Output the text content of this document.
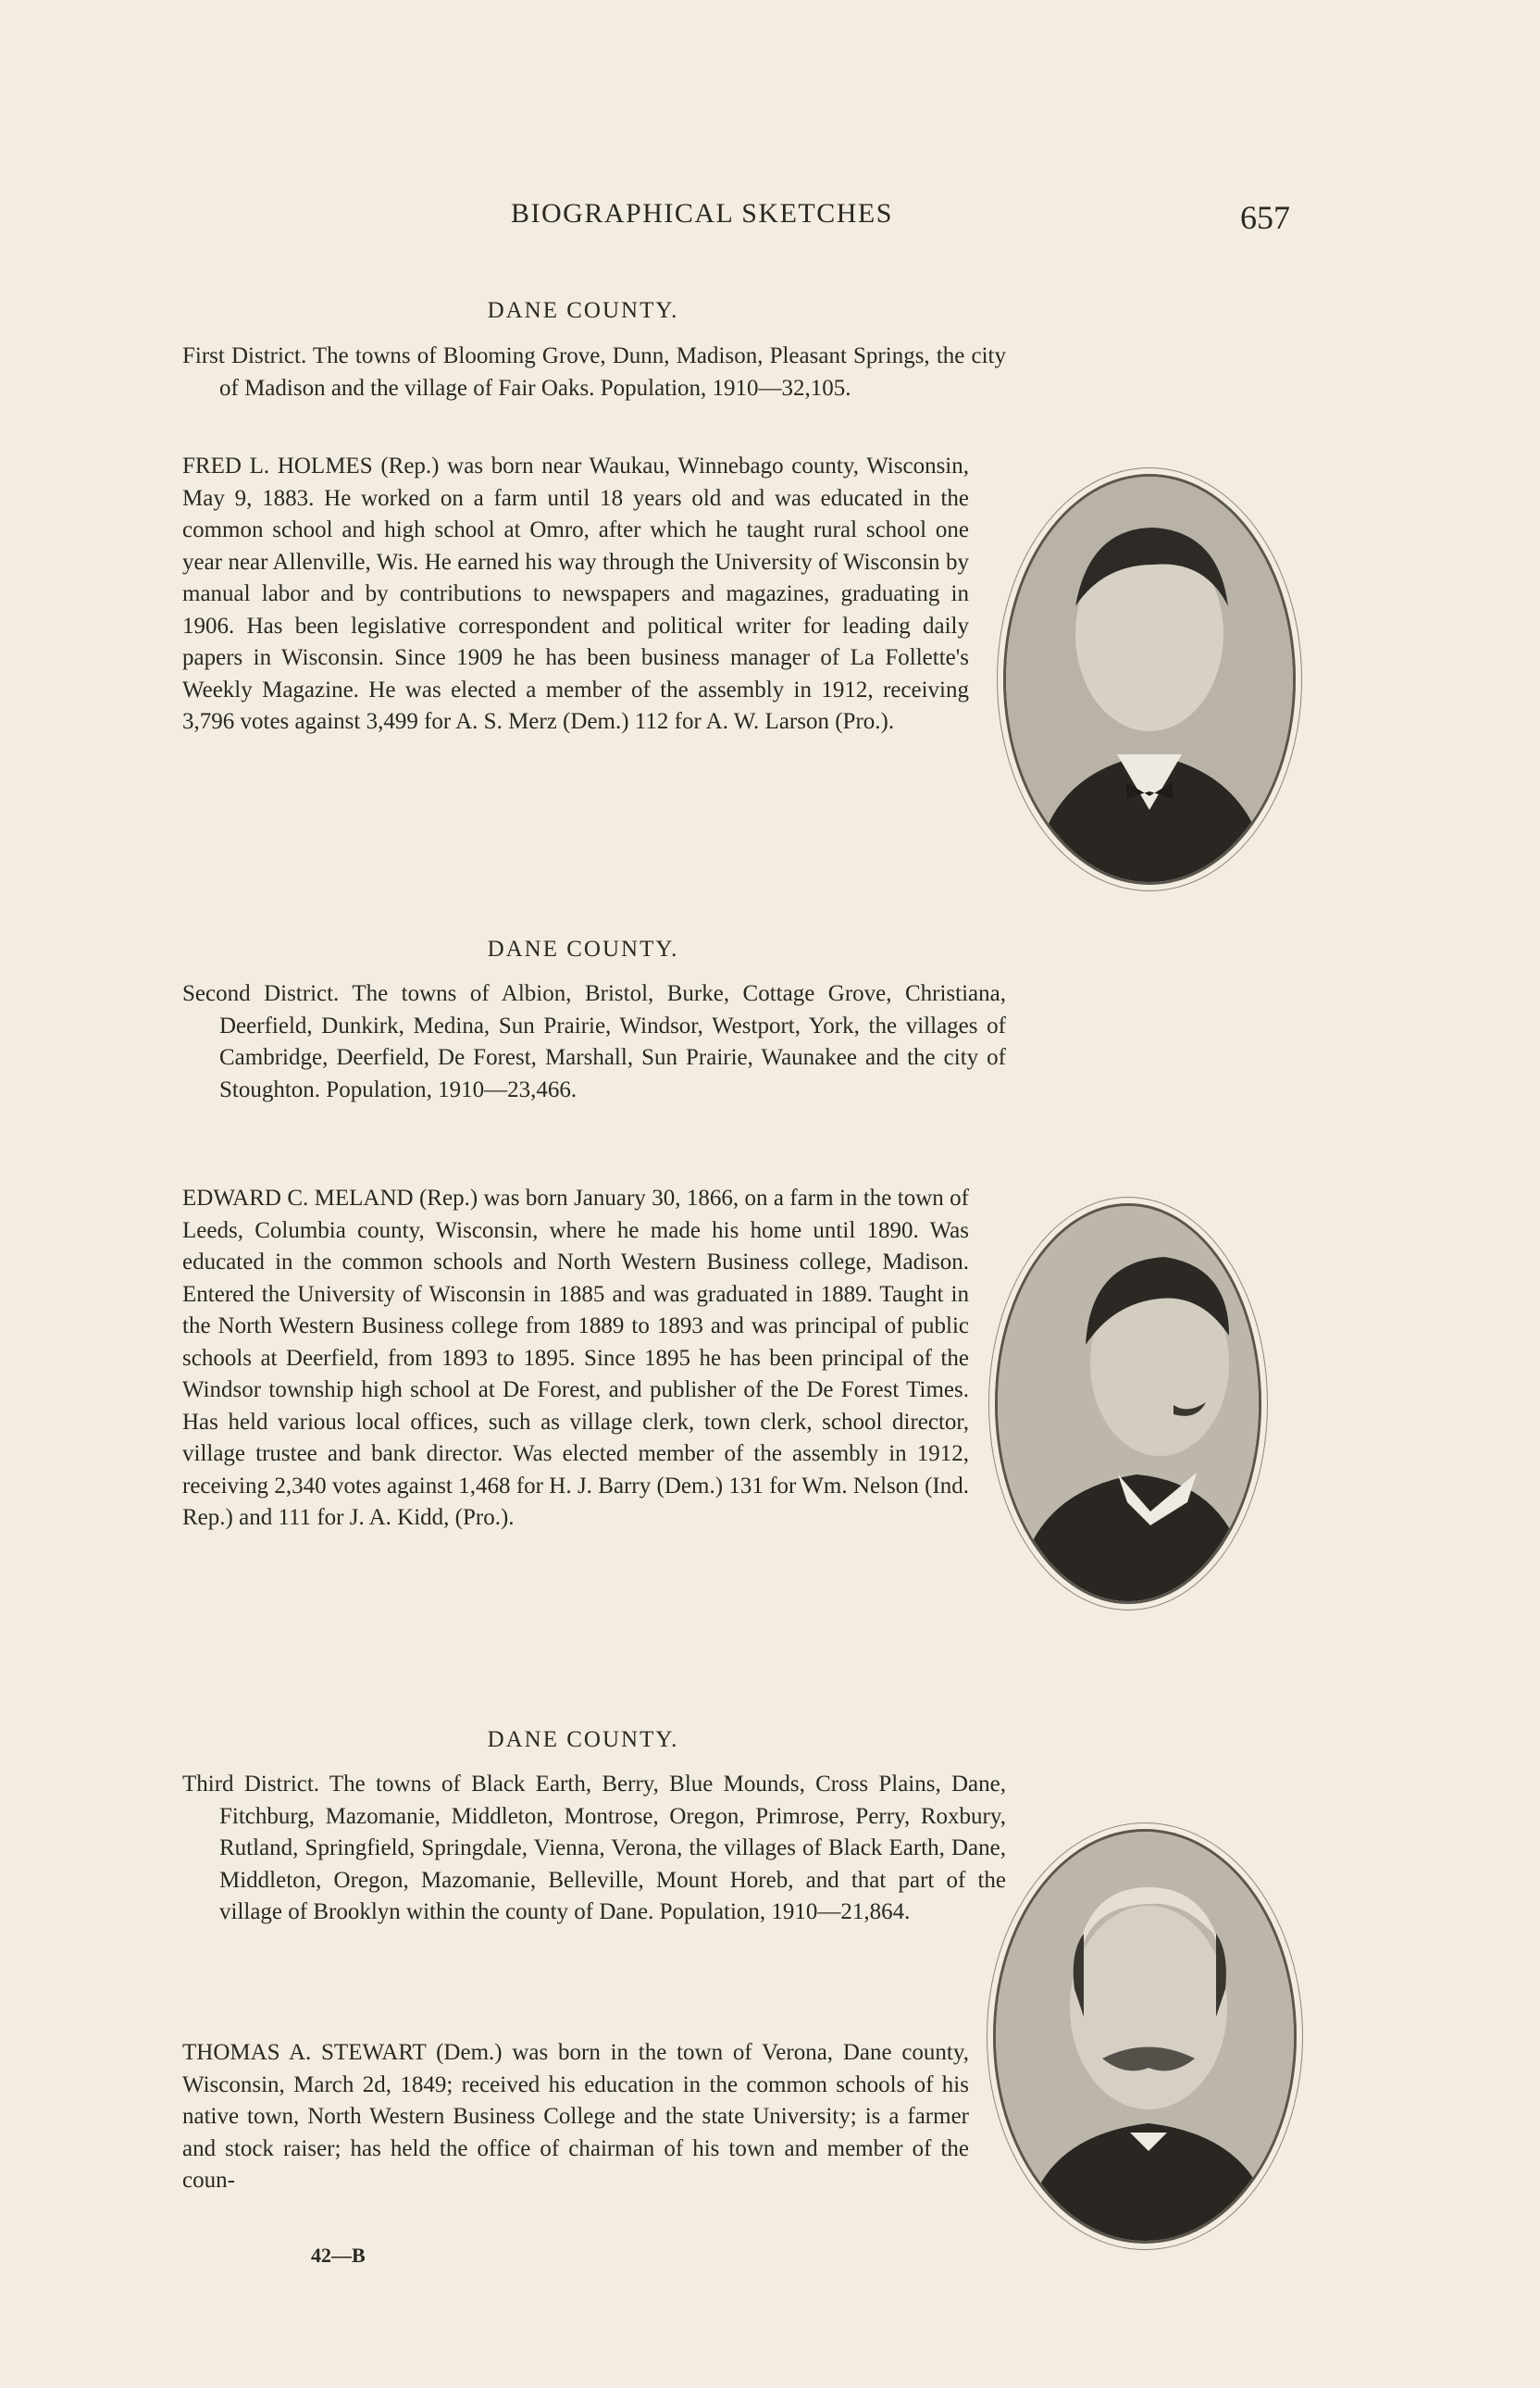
BIOGRAPHICAL SKETCHES	657
DANE COUNTY.
First District. The towns of Blooming Grove, Dunn, Madison, Pleasant Springs, the city of Madison and the village of Fair Oaks. Population, 1910—32,105.
FRED L. HOLMES (Rep.) was born near Waukau, Winnebago county, Wisconsin, May 9, 1883. He worked on a farm until 18 years old and was educated in the common school and high school at Omro, after which he taught rural school one year near Allenville, Wis. He earned his way through the University of Wisconsin by manual labor and by contributions to newspapers and magazines, graduating in 1906. Has been legislative correspondent and political writer for leading daily papers in Wisconsin. Since 1909 he has been business manager of La Follette's Weekly Magazine. He was elected a member of the assembly in 1912, receiving 3,796 votes against 3,499 for A. S. Merz (Dem.) 112 for A. W. Larson (Pro.).
DANE COUNTY.
Second District. The towns of Albion, Bristol, Burke, Cottage Grove, Christiana, Deerfield, Dunkirk, Medina, Sun Prairie, Windsor, Westport, York, the villages of Cambridge, Deerfield, De Forest, Marshall, Sun Prairie, Waunakee and the city of Stoughton. Population, 1910—23,466.
EDWARD C. MELAND (Rep.) was born January 30, 1866, on a farm in the town of Leeds, Columbia county, Wisconsin, where he made his home until 1890. Was educated in the common schools and North Western Business college, Madison. Entered the University of Wisconsin in 1885 and was graduated in 1889. Taught in the North Western Business college from 1889 to 1893 and was principal of public schools at Deerfield, from 1893 to 1895. Since 1895 he has been principal of the Windsor township high school at De Forest, and publisher of the De Forest Times. Has held various local offices, such as village clerk, town clerk, school director, village trustee and bank director. Was elected member of the assembly in 1912, receiving 2,340 votes against 1,468 for H. J. Barry (Dem.) 131 for Wm. Nelson (Ind. Rep.) and 111 for J. A. Kidd, (Pro.).
DANE COUNTY.
Third District. The towns of Black Earth, Berry, Blue Mounds, Cross Plains, Dane, Fitchburg, Mazomanie, Middleton, Montrose, Oregon, Primrose, Perry, Roxbury, Rutland, Springfield, Springdale, Vienna, Verona, the villages of Black Earth, Dane, Middleton, Oregon, Mazomanie, Belleville, Mount Horeb, and that part of the village of Brooklyn within the county of Dane. Population, 1910—21,864.
THOMAS A. STEWART (Dem.) was born in the town of Verona, Dane county, Wisconsin, March 2d, 1849; received his education in the common schools of his native town, North Western Business College and the state University; is a farmer and stock raiser; has held the office of chairman of his town and member of the coun-
42—B
